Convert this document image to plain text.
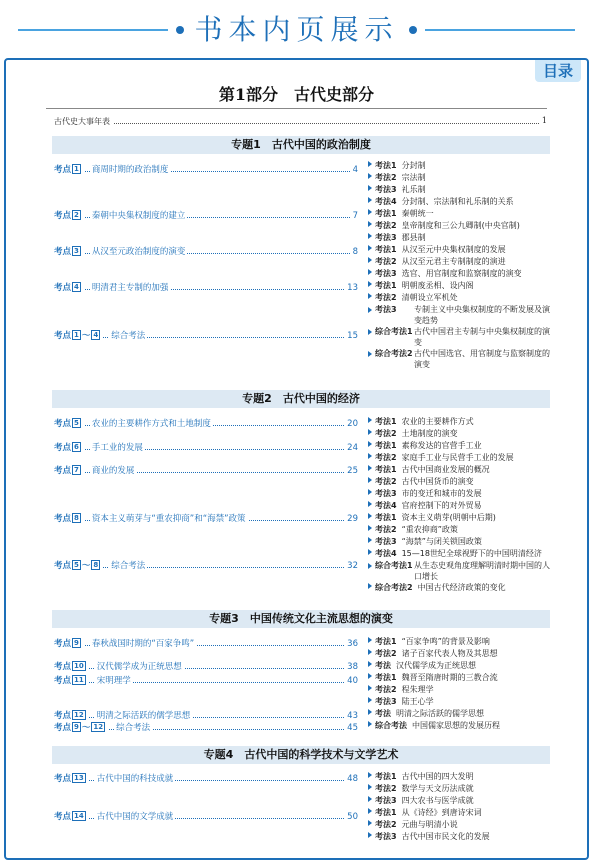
书本内页展示
目录
第1部分　古代史部分
古代史大事年表	1
专题1　古代中国的政治制度
考点 1 商周时期的政治制度	4
考点 2 秦朝中央集权制度的建立	7
考点 3 从汉至元政治制度的演变	8
考点 4 明清君主专制的加强	13
考点 1 ～ 4 综合考法	15
考法1 分封制
考法2 宗法制
考法3 礼乐制
考法4 分封制、宗法制和礼乐制的关系
考法1 秦朝统一
考法2 皇帝制度和三公九卿制(中央官制)
考法3 郡县制
考法1 从汉至元中央集权制度的发展
考法2 从汉至元君主专制制度的演进
考法3 选官、用官制度和监察制度的演变
考法1 明朝废丞相、设内阁
考法2 清朝设立军机处
考法3 专制主义中央集权制度的不断发展及演变趋势
综合考法1 古代中国君主专制与中央集权制度的演变
综合考法2 古代中国选官、用官制度与监察制度的演变
专题2　古代中国的经济
考点 5 农业的主要耕作方式和土地制度	20
考点 6 手工业的发展	24
考点 7 商业的发展	25
考点 8 资本主义萌芽与“重农抑商”和“海禁”政策	29
考点 5 ～ 8 综合考法	32
考法1 农业的主要耕作方式
考法2 土地制度的演变
考法1 素称发达的官营手工业
考法2 家庭手工业与民营手工业的发展
考法1 古代中国商业发展的概况
考法2 古代中国货币的演变
考法3 市的变迁和城市的发展
考法4 官府控制下的对外贸易
考法1 资本主义萌芽(明朝中后期)
考法2 “重农抑商”政策
考法3 “海禁”与闭关锁国政策
考法4 15—18世纪全球视野下的中国明清经济
综合考法1 从生态史观角度理解明清时期中国的人口增长
综合考法2 中国古代经济政策的变化
专题3　中国传统文化主流思想的演变
考点 9 春秋战国时期的“百家争鸣”	36
考点 10 汉代儒学成为正统思想	38
考点 11 宋明理学	40
考点 12 明清之际活跃的儒学思想	43
考点 9 ～ 12 综合考法	45
考法1 “百家争鸣”的背景及影响
考法2 诸子百家代表人物及其思想
考法 汉代儒学成为正统思想
考法1 魏晋至隋唐时期的三教合流
考法2 程朱理学
考法3 陆王心学
考法 明清之际活跃的儒学思想
综合考法 中国儒家思想的发展历程
专题4　古代中国的科学技术与文学艺术
考点 13 古代中国的科技成就	48
考点 14 古代中国的文学成就	50
考法1 古代中国的四大发明
考法2 数学与天文历法成就
考法3 四大农书与医学成就
考法1 从《诗经》到唐诗宋词
考法2 元曲与明清小说
考法3 古代中国市民文化的发展
